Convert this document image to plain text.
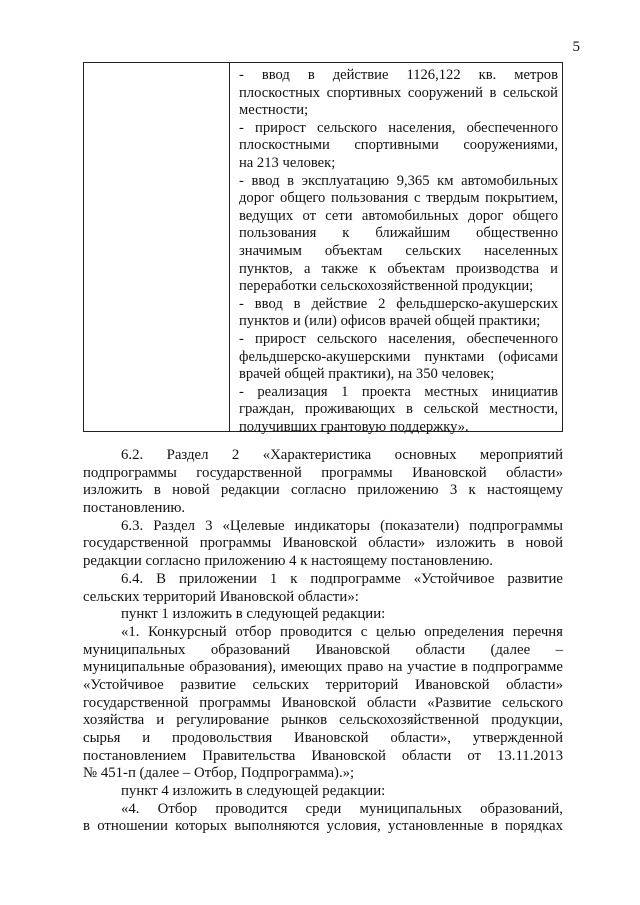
5
- ввод в действие 1126,122 кв. метров
плоскостных спортивных сооружений в сельской
местности;
- прирост сельского населения, обеспеченного
плоскостными спортивными сооружениями,
на 213 человек;
- ввод в эксплуатацию 9,365 км автомобильных
дорог общего пользования с твердым покрытием,
ведущих от сети автомобильных дорог общего
пользования к ближайшим общественно
значимым объектам сельских населенных
пунктов, а также к объектам производства и
переработки сельскохозяйственной продукции;
- ввод в действие 2 фельдшерско-акушерских
пунктов и (или) офисов врачей общей практики;
- прирост сельского населения, обеспеченного
фельдшерско-акушерскими пунктами (офисами
врачей общей практики), на 350 человек;
- реализация 1 проекта местных инициатив
граждан, проживающих в сельской местности,
получивших грантовую поддержку».
6.2. Раздел 2 «Характеристика основных мероприятий
подпрограммы государственной программы Ивановской области»
изложить в новой редакции согласно приложению 3 к настоящему
постановлению.
6.3. Раздел 3 «Целевые индикаторы (показатели) подпрограммы
государственной программы Ивановской области» изложить в новой
редакции согласно приложению 4 к настоящему постановлению.
6.4. В приложении 1 к подпрограмме «Устойчивое развитие
сельских территорий Ивановской области»:
пункт 1 изложить в следующей редакции:
«1. Конкурсный отбор проводится с целью определения перечня
муниципальных образований Ивановской области (далее –
муниципальные образования), имеющих право на участие в подпрограмме
«Устойчивое развитие сельских территорий Ивановской области»
государственной программы Ивановской области «Развитие сельского
хозяйства и регулирование рынков сельскохозяйственной продукции,
сырья и продовольствия Ивановской области», утвержденной
постановлением Правительства Ивановской области от 13.11.2013
№ 451-п (далее – Отбор, Подпрограмма).»;
пункт 4 изложить в следующей редакции:
«4. Отбор проводится среди муниципальных образований,
в отношении которых выполняются условия, установленные в порядках
